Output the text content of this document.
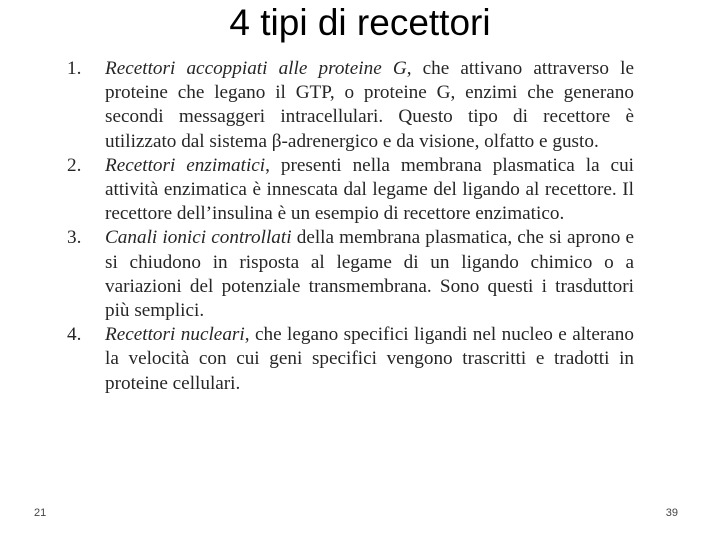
4 tipi di recettori
1. Recettori accoppiati alle proteine G, che attivano attraverso le proteine che legano il GTP, o proteine G, enzimi che generano secondi messaggeri intracellulari. Questo tipo di recettore è utilizzato dal sistema β-adrenergico e da visione, olfatto e gusto.
2. Recettori enzimatici, presenti nella membrana plasmatica la cui attività enzimatica è innescata dal legame del ligando al recettore. Il recettore dell’insulina è un esempio di recettore enzimatico.
3. Canali ionici controllati della membrana plasmatica, che si aprono e si chiudono in risposta al legame di un ligando chimico o a variazioni del potenziale transmembrana. Sono questi i trasduttori più semplici.
4. Recettori nucleari, che legano specifici ligandi nel nucleo e alterano la velocità con cui geni specifici vengono trascritti e tradotti in proteine cellulari.
21	39
